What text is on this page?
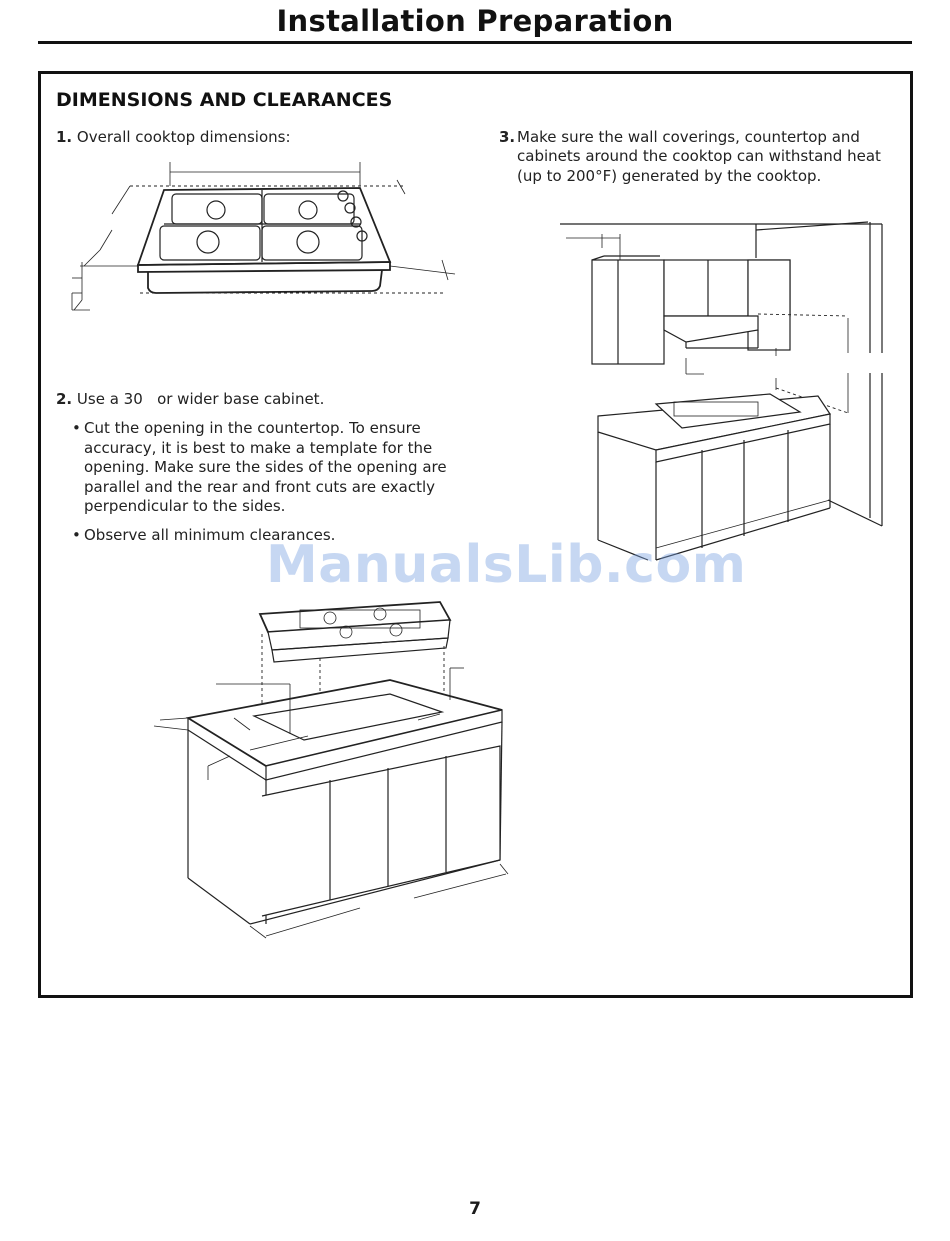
Installation Preparation
DIMENSIONS AND CLEARANCES
1. Overall cooktop dimensions:
2. Use a 30   or wider base cabinet.
• Cut the opening in the countertop. To ensure accuracy, it is best to make a template for the opening. Make sure the sides of the opening are parallel and the rear and front cuts are exactly perpendicular to the sides.
• Observe all minimum clearances.
3. Make sure the wall coverings, countertop and
cabinets around the cooktop can withstand heat
(up to 200°F) generated by the cooktop.
ManualsLib.com
7
